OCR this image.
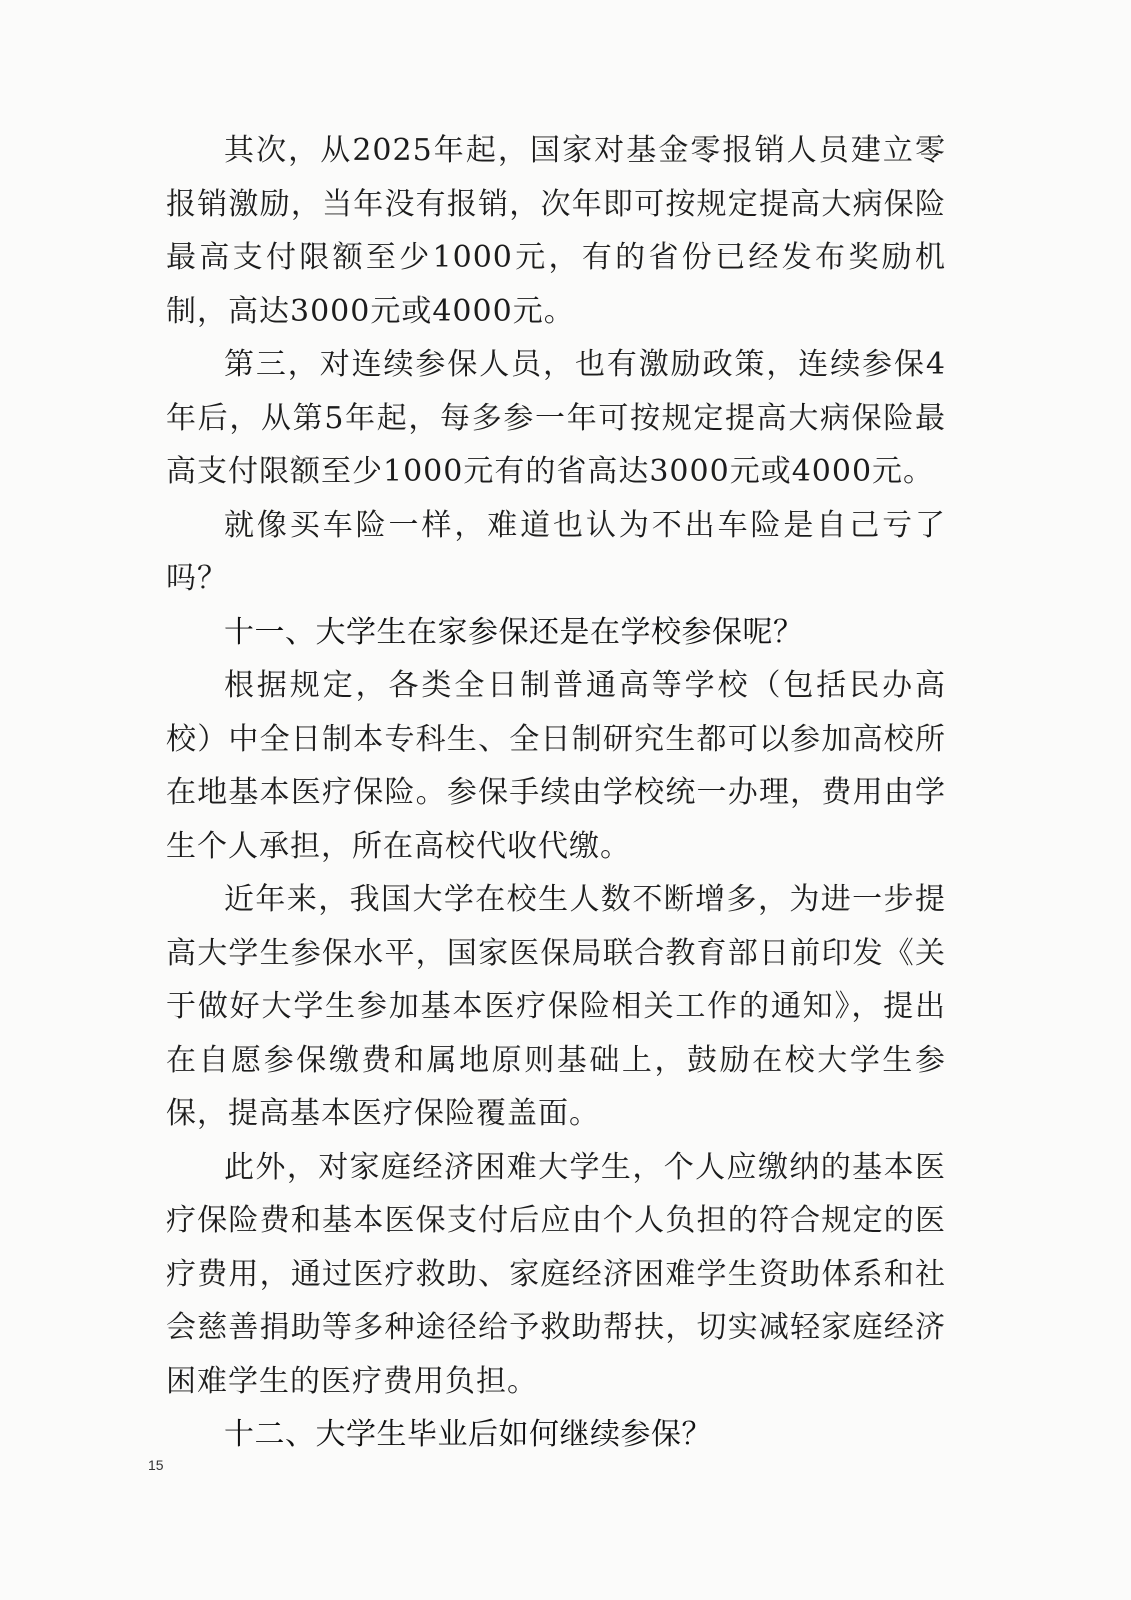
其次，从2025年起，国家对基金零报销人员建立零报销激励，当年没有报销，次年即可按规定提高大病保险最高支付限额至少1000元，有的省份已经发布奖励机制，高达3000元或4000元。

第三，对连续参保人员，也有激励政策，连续参保4年后，从第5年起，每多参一年可按规定提高大病保险最高支付限额至少1000元有的省高达3000元或4000元。

就像买车险一样，难道也认为不出车险是自己亏了吗？

十一、大学生在家参保还是在学校参保呢？

根据规定，各类全日制普通高等学校（包括民办高校）中全日制本专科生、全日制研究生都可以参加高校所在地基本医疗保险。参保手续由学校统一办理，费用由学生个人承担，所在高校代收代缴。

近年来，我国大学在校生人数不断增多，为进一步提高大学生参保水平，国家医保局联合教育部日前印发《关于做好大学生参加基本医疗保险相关工作的通知》，提出在自愿参保缴费和属地原则基础上，鼓励在校大学生参保，提高基本医疗保险覆盖面。

此外，对家庭经济困难大学生，个人应缴纳的基本医疗保险费和基本医保支付后应由个人负担的符合规定的医疗费用，通过医疗救助、家庭经济困难学生资助体系和社会慈善捐助等多种途径给予救助帮扶，切实减轻家庭经济困难学生的医疗费用负担。

十二、大学生毕业后如何继续参保？

15
